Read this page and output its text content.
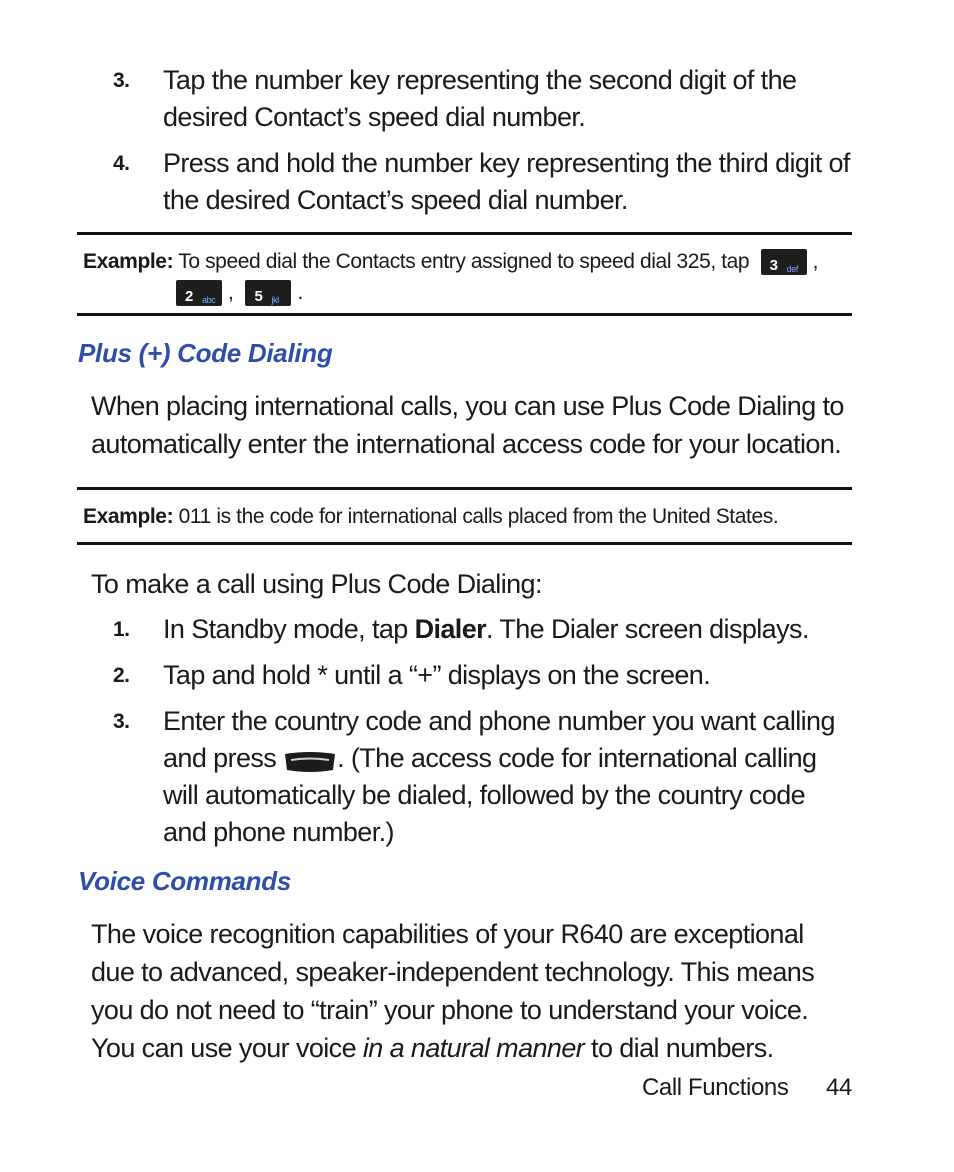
3. Tap the number key representing the second digit of the desired Contact’s speed dial number.
4. Press and hold the number key representing the third digit of the desired Contact’s speed dial number.
Example: To speed dial the Contacts entry assigned to speed dial 325, tap 3 def ,
2 abc , 5 jkl .
Plus (+) Code Dialing
When placing international calls, you can use Plus Code Dialing to automatically enter the international access code for your location.
Example: 011 is the code for international calls placed from the United States.
To make a call using Plus Code Dialing:
1. In Standby mode, tap Dialer. The Dialer screen displays.
2. Tap and hold * until a “+” displays on the screen.
3. Enter the country code and phone number you want calling and press . (The access code for international calling will automatically be dialed, followed by the country code and phone number.)
Voice Commands
The voice recognition capabilities of your R640 are exceptional due to advanced, speaker-independent technology. This means you do not need to “train” your phone to understand your voice. You can use your voice in a natural manner to dial numbers.
Call Functions 44
